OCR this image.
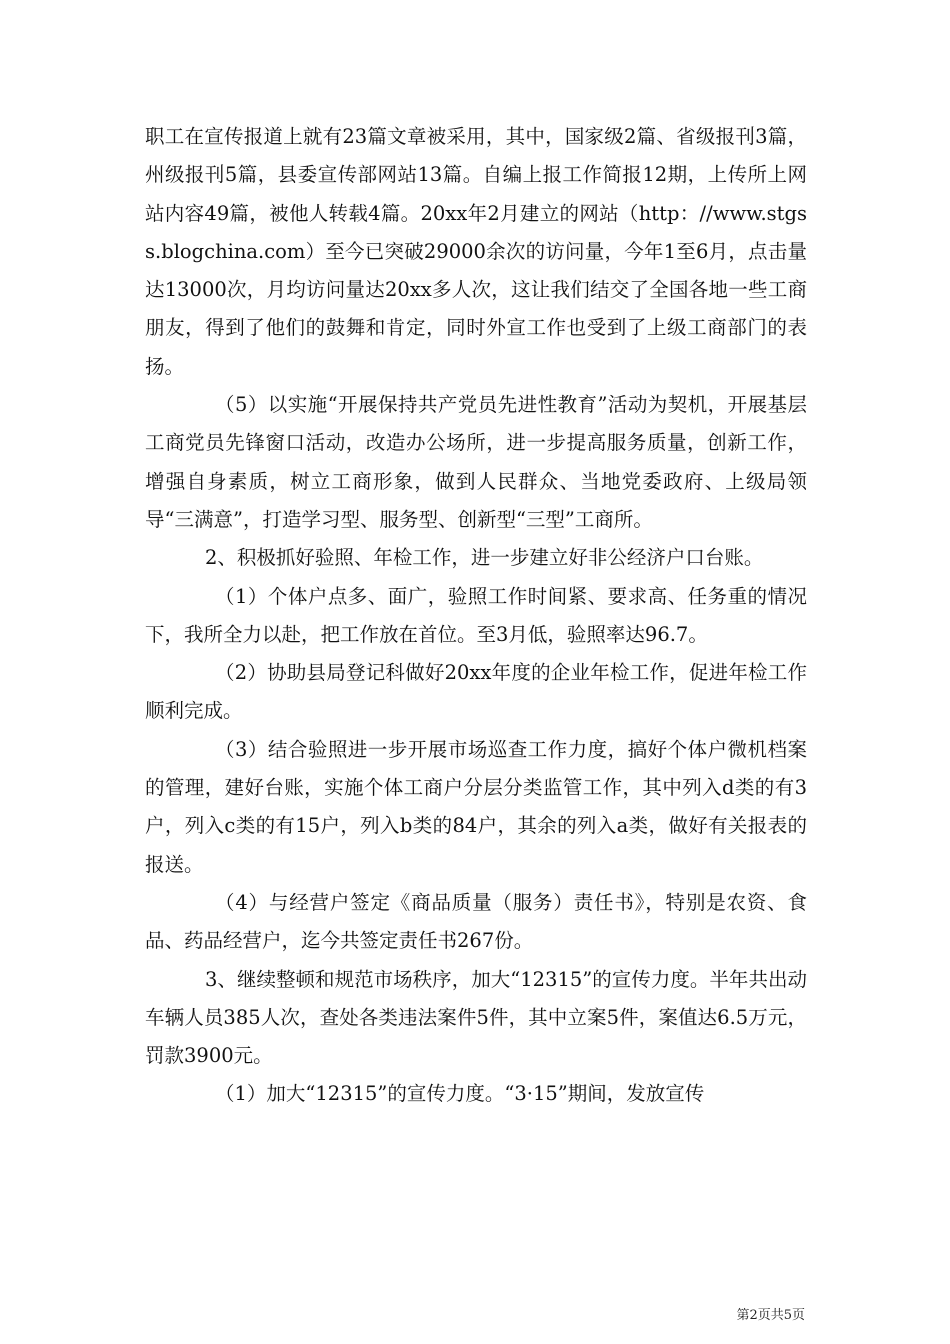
职工在宣传报道上就有23篇文章被采用，其中，国家级2篇、省级报刊3篇，州级报刊5篇，县委宣传部网站13篇。自编上报工作简报12期，上传所上网站内容49篇，被他人转载4篇。20xx年2月建立的网站（http：//www.stgss.blogchina.com）至今已突破29000余次的访问量，今年1至6月，点击量达13000次，月均访问量达20xx多人次，这让我们结交了全国各地一些工商朋友，得到了他们的鼓舞和肯定，同时外宣工作也受到了上级工商部门的表扬。

（5）以实施“开展保持共产党员先进性教育”活动为契机，开展基层工商党员先锋窗口活动，改造办公场所，进一步提高服务质量，创新工作，增强自身素质，树立工商形象，做到人民群众、当地党委政府、上级局领导“三满意”，打造学习型、服务型、创新型“三型”工商所。

2、积极抓好验照、年检工作，进一步建立好非公经济户口台账。

（1）个体户点多、面广，验照工作时间紧、要求高、任务重的情况下，我所全力以赴，把工作放在首位。至3月低，验照率达96.7。

（2）协助县局登记科做好20xx年度的企业年检工作，促进年检工作顺利完成。

（3）结合验照进一步开展市场巡查工作力度，搞好个体户微机档案的管理，建好台账，实施个体工商户分层分类监管工作，其中列入d类的有3户，列入c类的有15户，列入b类的84户，其余的列入a类，做好有关报表的报送。

（4）与经营户签定《商品质量（服务）责任书》，特别是农资、食品、药品经营户，迄今共签定责任书267份。

3、继续整顿和规范市场秩序，加大“12315”的宣传力度。半年共出动车辆人员385人次，查处各类违法案件5件，其中立案5件，案值达6.5万元，罚款3900元。

（1）加大“12315”的宣传力度。“3·15”期间，发放宣传

第2页共5页
